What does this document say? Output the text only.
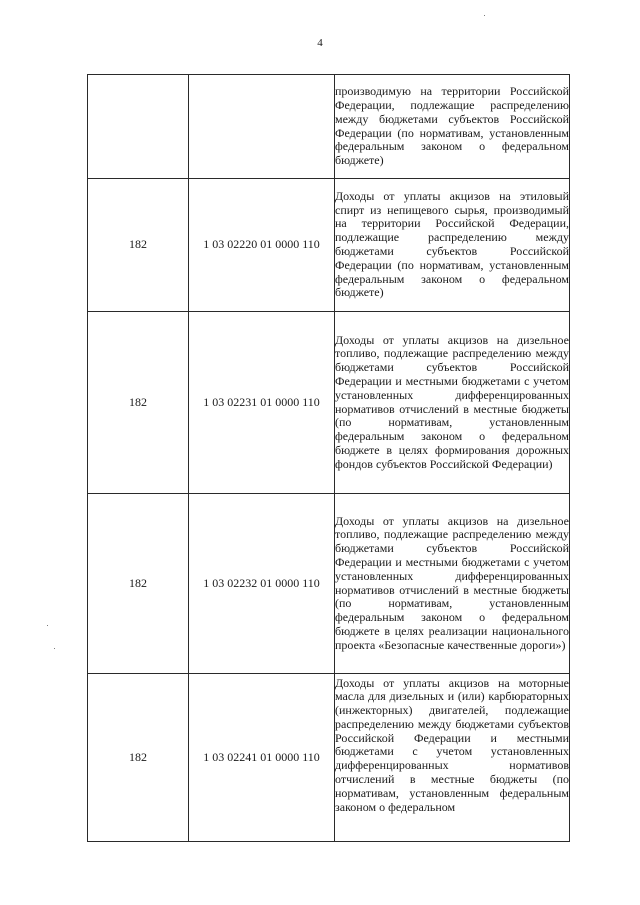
4

		производимую на территории Российской Федерации, подлежащие распределению между бюджетами субъектов Российской Федерации (по нормативам, установленным федеральным законом о федеральном бюджете)

182	1 03 02220 01 0000 110	Доходы от уплаты акцизов на этиловый спирт из непищевого сырья, производимый на территории Российской Федерации, подлежащие распределению между бюджетами субъектов Российской Федерации (по нормативам, установленным федеральным законом о федеральном бюджете)

182	1 03 02231 01 0000 110	Доходы от уплаты акцизов на дизельное топливо, подлежащие распределению между бюджетами субъектов Российской Федерации и местными бюджетами с учетом установленных дифференцированных нормативов отчислений в местные бюджеты (по нормативам, установленным федеральным законом о федеральном бюджете в целях формирования дорожных фондов субъектов Российской Федерации)

182	1 03 02232 01 0000 110	Доходы от уплаты акцизов на дизельное топливо, подлежащие распределению между бюджетами субъектов Российской Федерации и местными бюджетами с учетом установленных дифференцированных нормативов отчислений в местные бюджеты (по нормативам, установленным федеральным законом о федеральном бюджете в целях реализации национального проекта «Безопасные качественные дороги»)

182	1 03 02241 01 0000 110	Доходы от уплаты акцизов на моторные масла для дизельных и (или) карбюраторных (инжекторных) двигателей, подлежащие распределению между бюджетами субъектов Российской Федерации и местными бюджетами с учетом установленных дифференцированных нормативов отчислений в местные бюджеты (по нормативам, установленным федеральным законом о федеральном
